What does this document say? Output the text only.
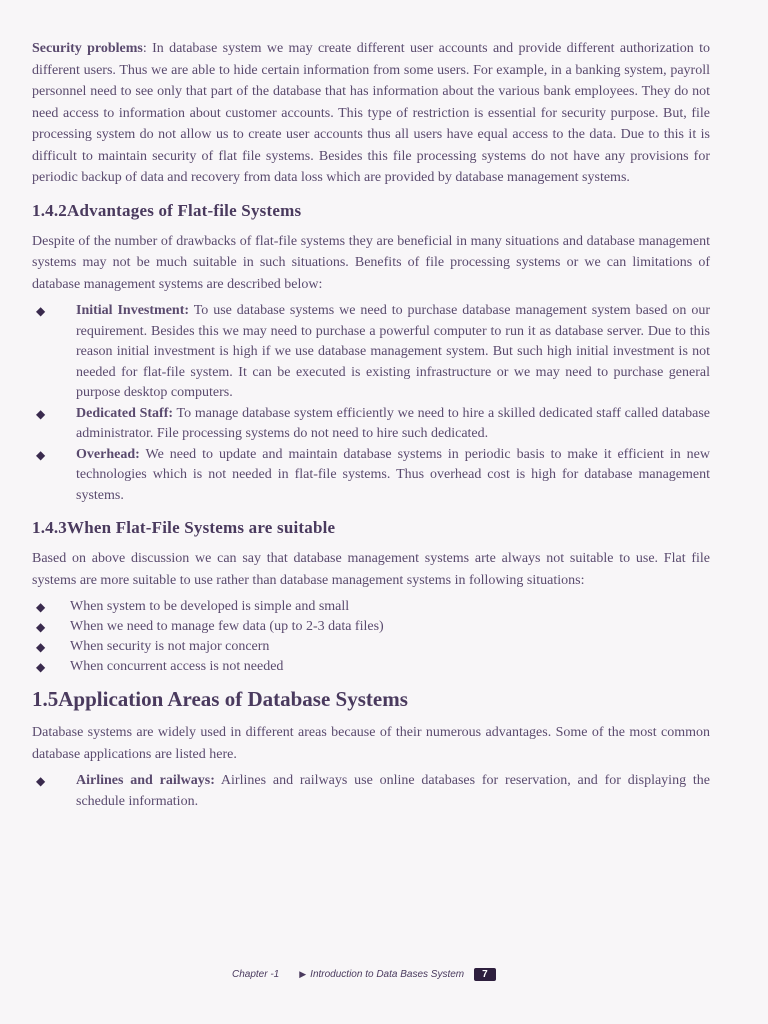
Security problems: In database system we may create different user accounts and provide different authorization to different users. Thus we are able to hide certain information from some users. For example, in a banking system, payroll personnel need to see only that part of the database that has information about the various bank employees. They do not need access to information about customer accounts. This type of restriction is essential for security purpose. But, file processing system do not allow us to create user accounts thus all users have equal access to the data. Due to this it is difficult to maintain security of flat file systems. Besides this file processing systems do not have any provisions for periodic backup of data and recovery from data loss which are provided by database management systems.

1.4.2Advantages of Flat-file Systems

Despite of the number of drawbacks of flat-file systems they are beneficial in many situations and database management systems may not be much suitable in such situations. Benefits of file processing systems or we can limitations of database management systems are described below:

◆ Initial Investment: To use database systems we need to purchase database management system based on our requirement. Besides this we may need to purchase a powerful computer to run it as database server. Due to this reason initial investment is high if we use database management system. But such high initial investment is not needed for flat-file system. It can be executed is existing infrastructure or we may need to purchase general purpose desktop computers.
◆ Dedicated Staff: To manage database system efficiently we need to hire a skilled dedicated staff called database administrator. File processing systems do not need to hire such dedicated.
◆ Overhead: We need to update and maintain database systems in periodic basis to make it efficient in new technologies which is not needed in flat-file systems. Thus overhead cost is high for database management systems.
1.4.3When Flat-File Systems are suitable

Based on above discussion we can say that database management systems arte always not suitable to use. Flat file systems are more suitable to use rather than database management systems in following situations:

◆ When system to be developed is simple and small
◆ When we need to manage few data (up to 2-3 data files)
◆ When security is not major concern
◆ When concurrent access is not needed
1.5Application Areas of Database Systems

Database systems are widely used in different areas because of their numerous advantages. Some of the most common database applications are listed here.

◆ Airlines and railways: Airlines and railways use online databases for reservation, and for displaying the schedule information.
Chapter -1 ▶ Introduction to Data Bases System 7
